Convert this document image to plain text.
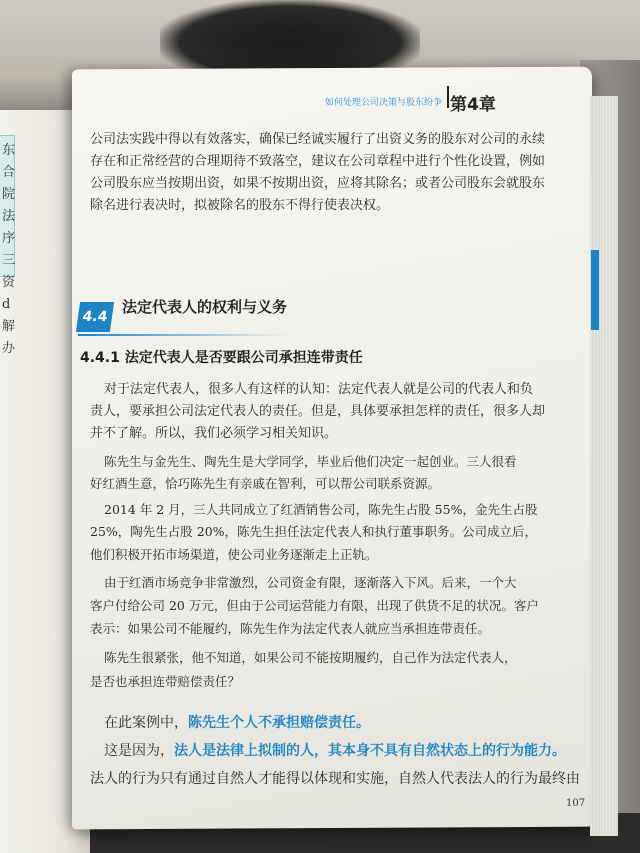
东
合
院
法
序
三
资
d
解
办
如何处理公司决策与股东纷争 第4章
公司法实践中得以有效落实，确保已经诚实履行了出资义务的股东对公司的永续
存在和正常经营的合理期待不致落空，建议在公司章程中进行个性化设置，例如
公司股东应当按期出资，如果不按期出资，应将其除名；或者公司股东会就股东
除名进行表决时，拟被除名的股东不得行使表决权。
4.4
法定代表人的权利与义务
4.4.1 法定代表人是否要跟公司承担连带责任
对于法定代表人，很多人有这样的认知：法定代表人就是公司的代表人和负
责人，要承担公司法定代表人的责任。但是，具体要承担怎样的责任，很多人却
并不了解。所以，我们必须学习相关知识。
陈先生与金先生、陶先生是大学同学，毕业后他们决定一起创业。三人很看
好红酒生意，恰巧陈先生有亲戚在智利，可以帮公司联系资源。
2014 年 2 月，三人共同成立了红酒销售公司，陈先生占股 55%，金先生占股
25%，陶先生占股 20%，陈先生担任法定代表人和执行董事职务。公司成立后，
他们积极开拓市场渠道，使公司业务逐渐走上正轨。
由于红酒市场竞争非常激烈，公司资金有限，逐渐落入下风。后来，一个大
客户付给公司 20 万元，但由于公司运营能力有限，出现了供货不足的状况。客户
表示：如果公司不能履约，陈先生作为法定代表人就应当承担连带责任。
陈先生很紧张，他不知道，如果公司不能按期履约，自己作为法定代表人，
是否也承担连带赔偿责任？
在此案例中，陈先生个人不承担赔偿责任。
这是因为，法人是法律上拟制的人，其本身不具有自然状态上的行为能力。
法人的行为只有通过自然人才能得以体现和实施，自然人代表法人的行为最终由
107
